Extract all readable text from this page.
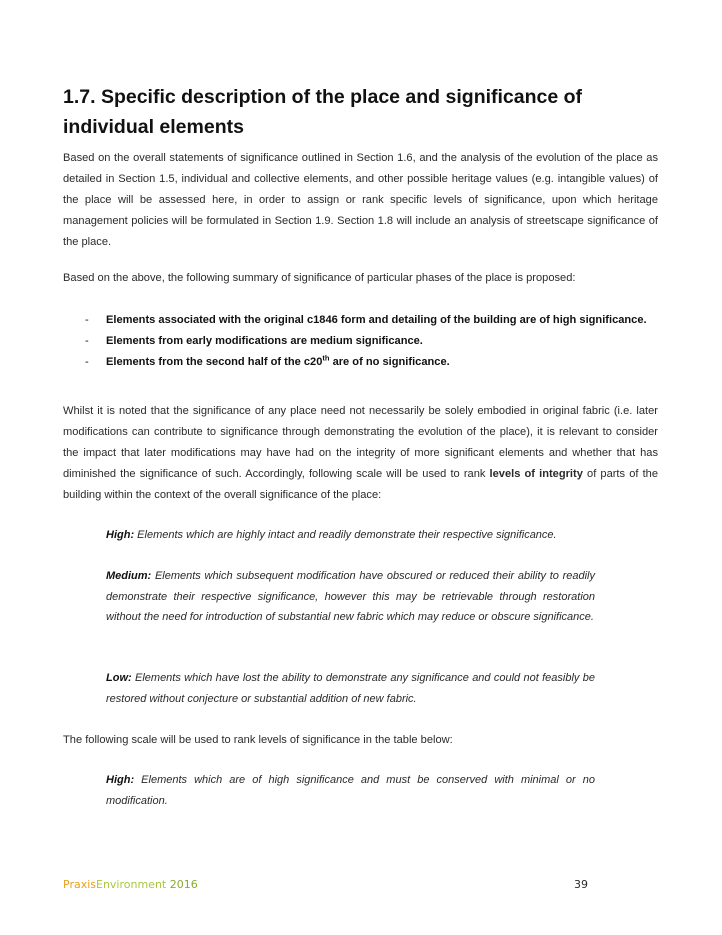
1.7. Specific description of the place and significance of individual elements

Based on the overall statements of significance outlined in Section 1.6, and the analysis of the evolution of the place as detailed in Section 1.5, individual and collective elements, and other possible heritage values (e.g. intangible values) of the place will be assessed here, in order to assign or rank specific levels of significance, upon which heritage management policies will be formulated in Section 1.9. Section 1.8 will include an analysis of streetscape significance of the place.

Based on the above, the following summary of significance of particular phases of the place is proposed:

- Elements associated with the original c1846 form and detailing of the building are of high significance.
- Elements from early modifications are medium significance.
- Elements from the second half of the c20th are of no significance.

Whilst it is noted that the significance of any place need not necessarily be solely embodied in original fabric (i.e. later modifications can contribute to significance through demonstrating the evolution of the place), it is relevant to consider the impact that later modifications may have had on the integrity of more significant elements and whether that has diminished the significance of such. Accordingly, following scale will be used to rank levels of integrity of parts of the building within the context of the overall significance of the place:

High: Elements which are highly intact and readily demonstrate their respective significance.

Medium: Elements which subsequent modification have obscured or reduced their ability to readily demonstrate their respective significance, however this may be retrievable through restoration without the need for introduction of substantial new fabric which may reduce or obscure significance.

Low: Elements which have lost the ability to demonstrate any significance and could not feasibly be restored without conjecture or substantial addition of new fabric.

The following scale will be used to rank levels of significance in the table below:

High: Elements which are of high significance and must be conserved with minimal or no modification.

PraxisEnvironment 2016	39
